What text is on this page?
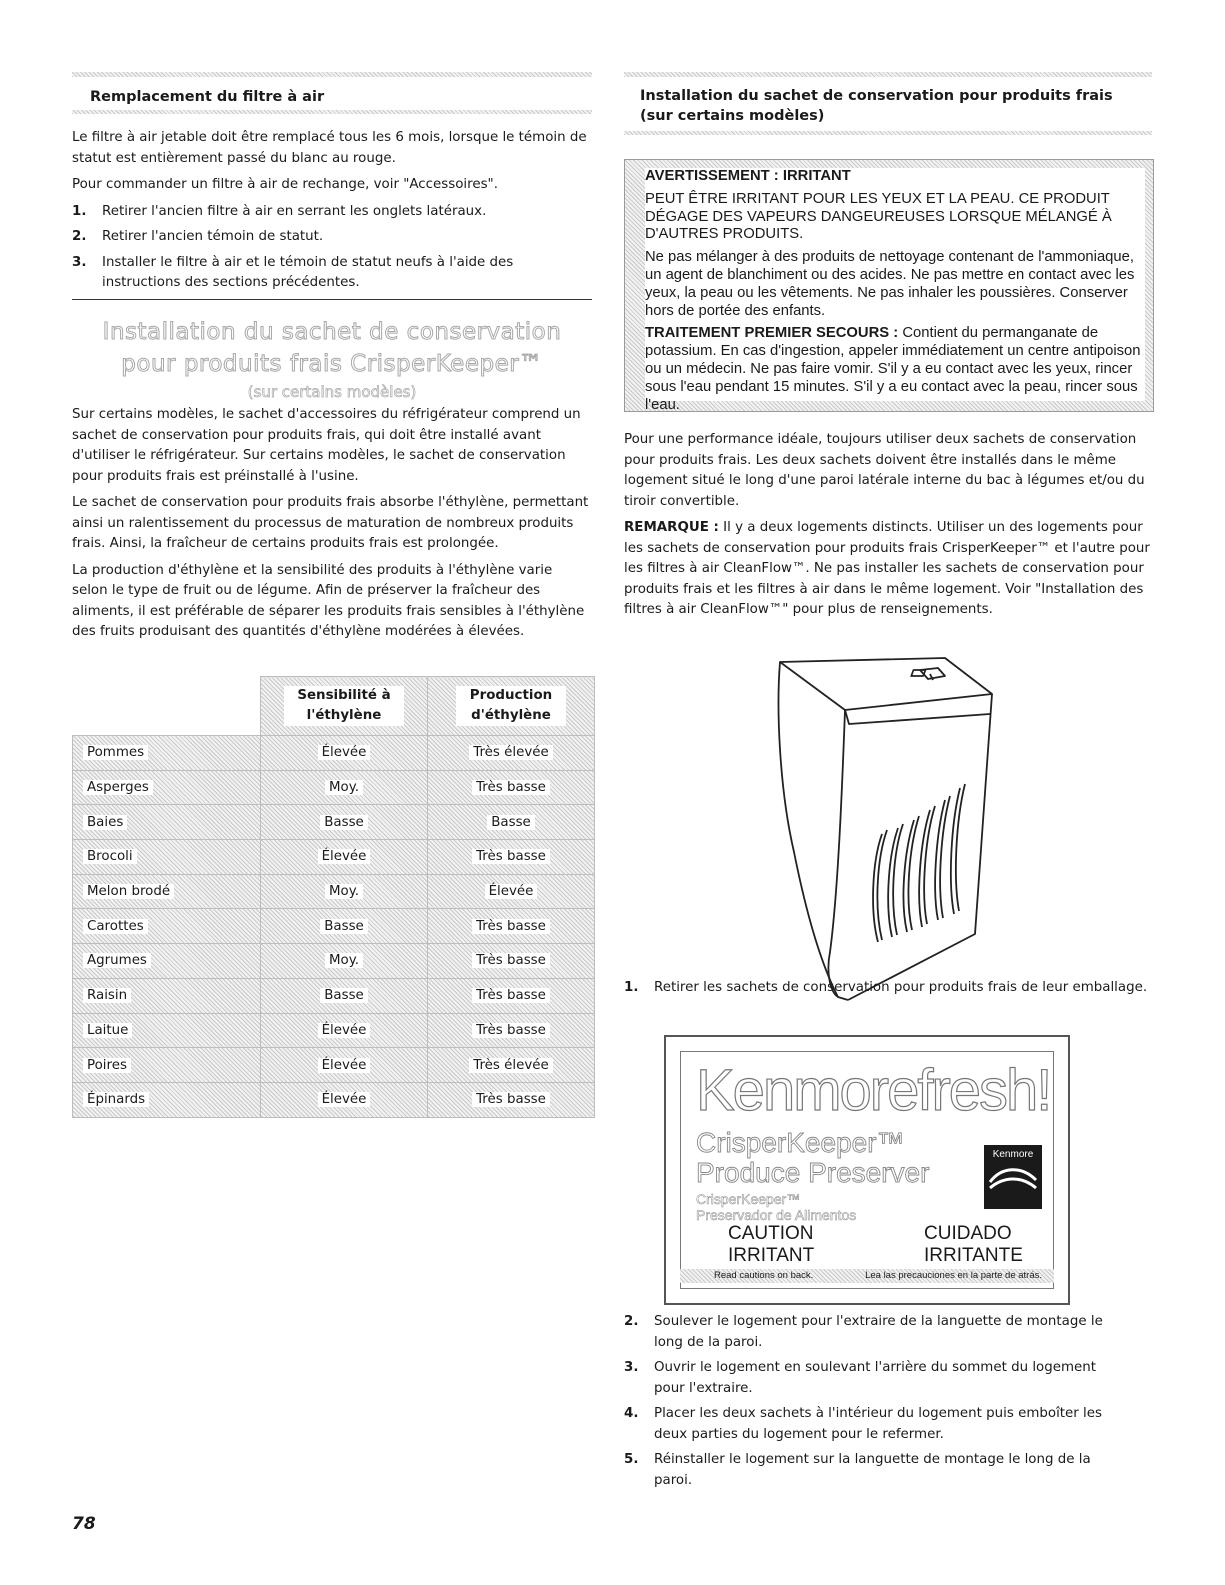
Remplacement du filtre à air

Le filtre à air jetable doit être remplacé tous les 6 mois, lorsque le témoin de statut est entièrement passé du blanc au rouge.

Pour commander un filtre à air de rechange, voir "Accessoires".

1.	Retirer l'ancien filtre à air en serrant les onglets latéraux.
2.	Retirer l'ancien témoin de statut.
3.	Installer le filtre à air et le témoin de statut neufs à l'aide des instructions des sections précédentes.
Installation du sachet de conservation
pour produits frais CrisperKeeper™
(sur certains modèles)

Sur certains modèles, le sachet d'accessoires du réfrigérateur comprend un sachet de conservation pour produits frais, qui doit être installé avant d'utiliser le réfrigérateur. Sur certains modèles, le sachet de conservation pour produits frais est préinstallé à l'usine.

Le sachet de conservation pour produits frais absorbe l'éthylène, permettant ainsi un ralentissement du processus de maturation de nombreux produits frais. Ainsi, la fraîcheur de certains produits frais est prolongée.

La production d'éthylène et la sensibilité des produits à l'éthylène varie selon le type de fruit ou de légume. Afin de préserver la fraîcheur des aliments, il est préférable de séparer les produits frais sensibles à l'éthylène des fruits produisant des quantités d'éthylène modérées à élevées.

	Sensibilité à l'éthylène	Production d'éthylène

Pommes	Élevée	Très élevée
Asperges	Moy.	Très basse
Baies	Basse	Basse
Brocoli	Élevée	Très basse
Melon brodé	Moy.	Élevée
Carottes	Basse	Très basse
Agrumes	Moy.	Très basse
Raisin	Basse	Très basse
Laitue	Élevée	Très basse
Poires	Élevée	Très élevée
Épinards	Élevée	Très basse
Installation du sachet de conservation pour produits frais
(sur certains modèles)
AVERTISSEMENT : IRRITANT
PEUT ÊTRE IRRITANT POUR LES YEUX ET LA PEAU. CE PRODUIT DÉGAGE DES VAPEURS DANGEUREUSES LORSQUE MÉLANGÉ À D'AUTRES PRODUITS.
Ne pas mélanger à des produits de nettoyage contenant de l'ammoniaque, un agent de blanchiment ou des acides. Ne pas mettre en contact avec les yeux, la peau ou les vêtements. Ne pas inhaler les poussières. Conserver hors de portée des enfants.
TRAITEMENT PREMIER SECOURS : Contient du permanganate de potassium. En cas d'ingestion, appeler immédiatement un centre antipoison ou un médecin. Ne pas faire vomir. S'il y a eu contact avec les yeux, rincer sous l'eau pendant 15 minutes. S'il y a eu contact avec la peau, rincer sous l'eau.

Pour une performance idéale, toujours utiliser deux sachets de conservation pour produits frais. Les deux sachets doivent être installés dans le même logement situé le long d'une paroi latérale interne du bac à légumes et/ou du tiroir convertible.

REMARQUE : Il y a deux logements distincts. Utiliser un des logements pour les sachets de conservation pour produits frais CrisperKeeper™ et l'autre pour les filtres à air CleanFlow™. Ne pas installer les sachets de conservation pour produits frais et les filtres à air dans le même logement. Voir "Installation des filtres à air CleanFlow™" pour plus de renseignements.

1.	Retirer les sachets de conservation pour produits frais de leur emballage.
Kenmorefresh!
CrisperKeeper™
Produce Preserver
CrisperKeeper™
Preservador de Alimentos
Kenmore
CAUTION
IRRITANT
CUIDADO
IRRITANTE
Read cautions on back.	Lea las precauciones en la parte de atrás.
2.	Soulever le logement pour l'extraire de la languette de montage le long de la paroi.
3.	Ouvrir le logement en soulevant l'arrière du sommet du logement pour l'extraire.
4.	Placer les deux sachets à l'intérieur du logement puis emboîter les deux parties du logement pour le refermer.
5.	Réinstaller le logement sur la languette de montage le long de la paroi.
78
